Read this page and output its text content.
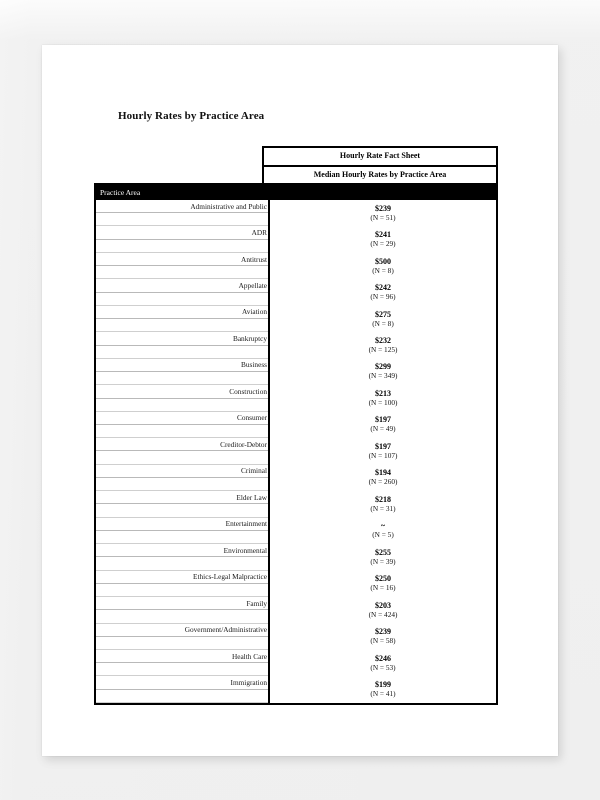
Hourly Rates by Practice Area
Hourly Rate Fact Sheet
Median Hourly Rates by Practice Area
Practice Area
Administrative and Public
ADR
Antitrust
Appellate
Aviation
Bankruptcy
Business
Construction
Consumer
Creditor-Debtor
Criminal
Elder Law
Entertainment
Environmental
Ethics-Legal Malpractice
Family
Government/Administrative
Health Care
Immigration
$239
(N = 51)
$241
(N = 29)
$500
(N = 8)
$242
(N = 96)
$275
(N = 8)
$232
(N = 125)
$299
(N = 349)
$213
(N = 100)
$197
(N = 49)
$197
(N = 107)
$194
(N = 260)
$218
(N = 31)
~
(N = 5)
$255
(N = 39)
$250
(N = 16)
$203
(N = 424)
$239
(N = 58)
$246
(N = 53)
$199
(N = 41)
